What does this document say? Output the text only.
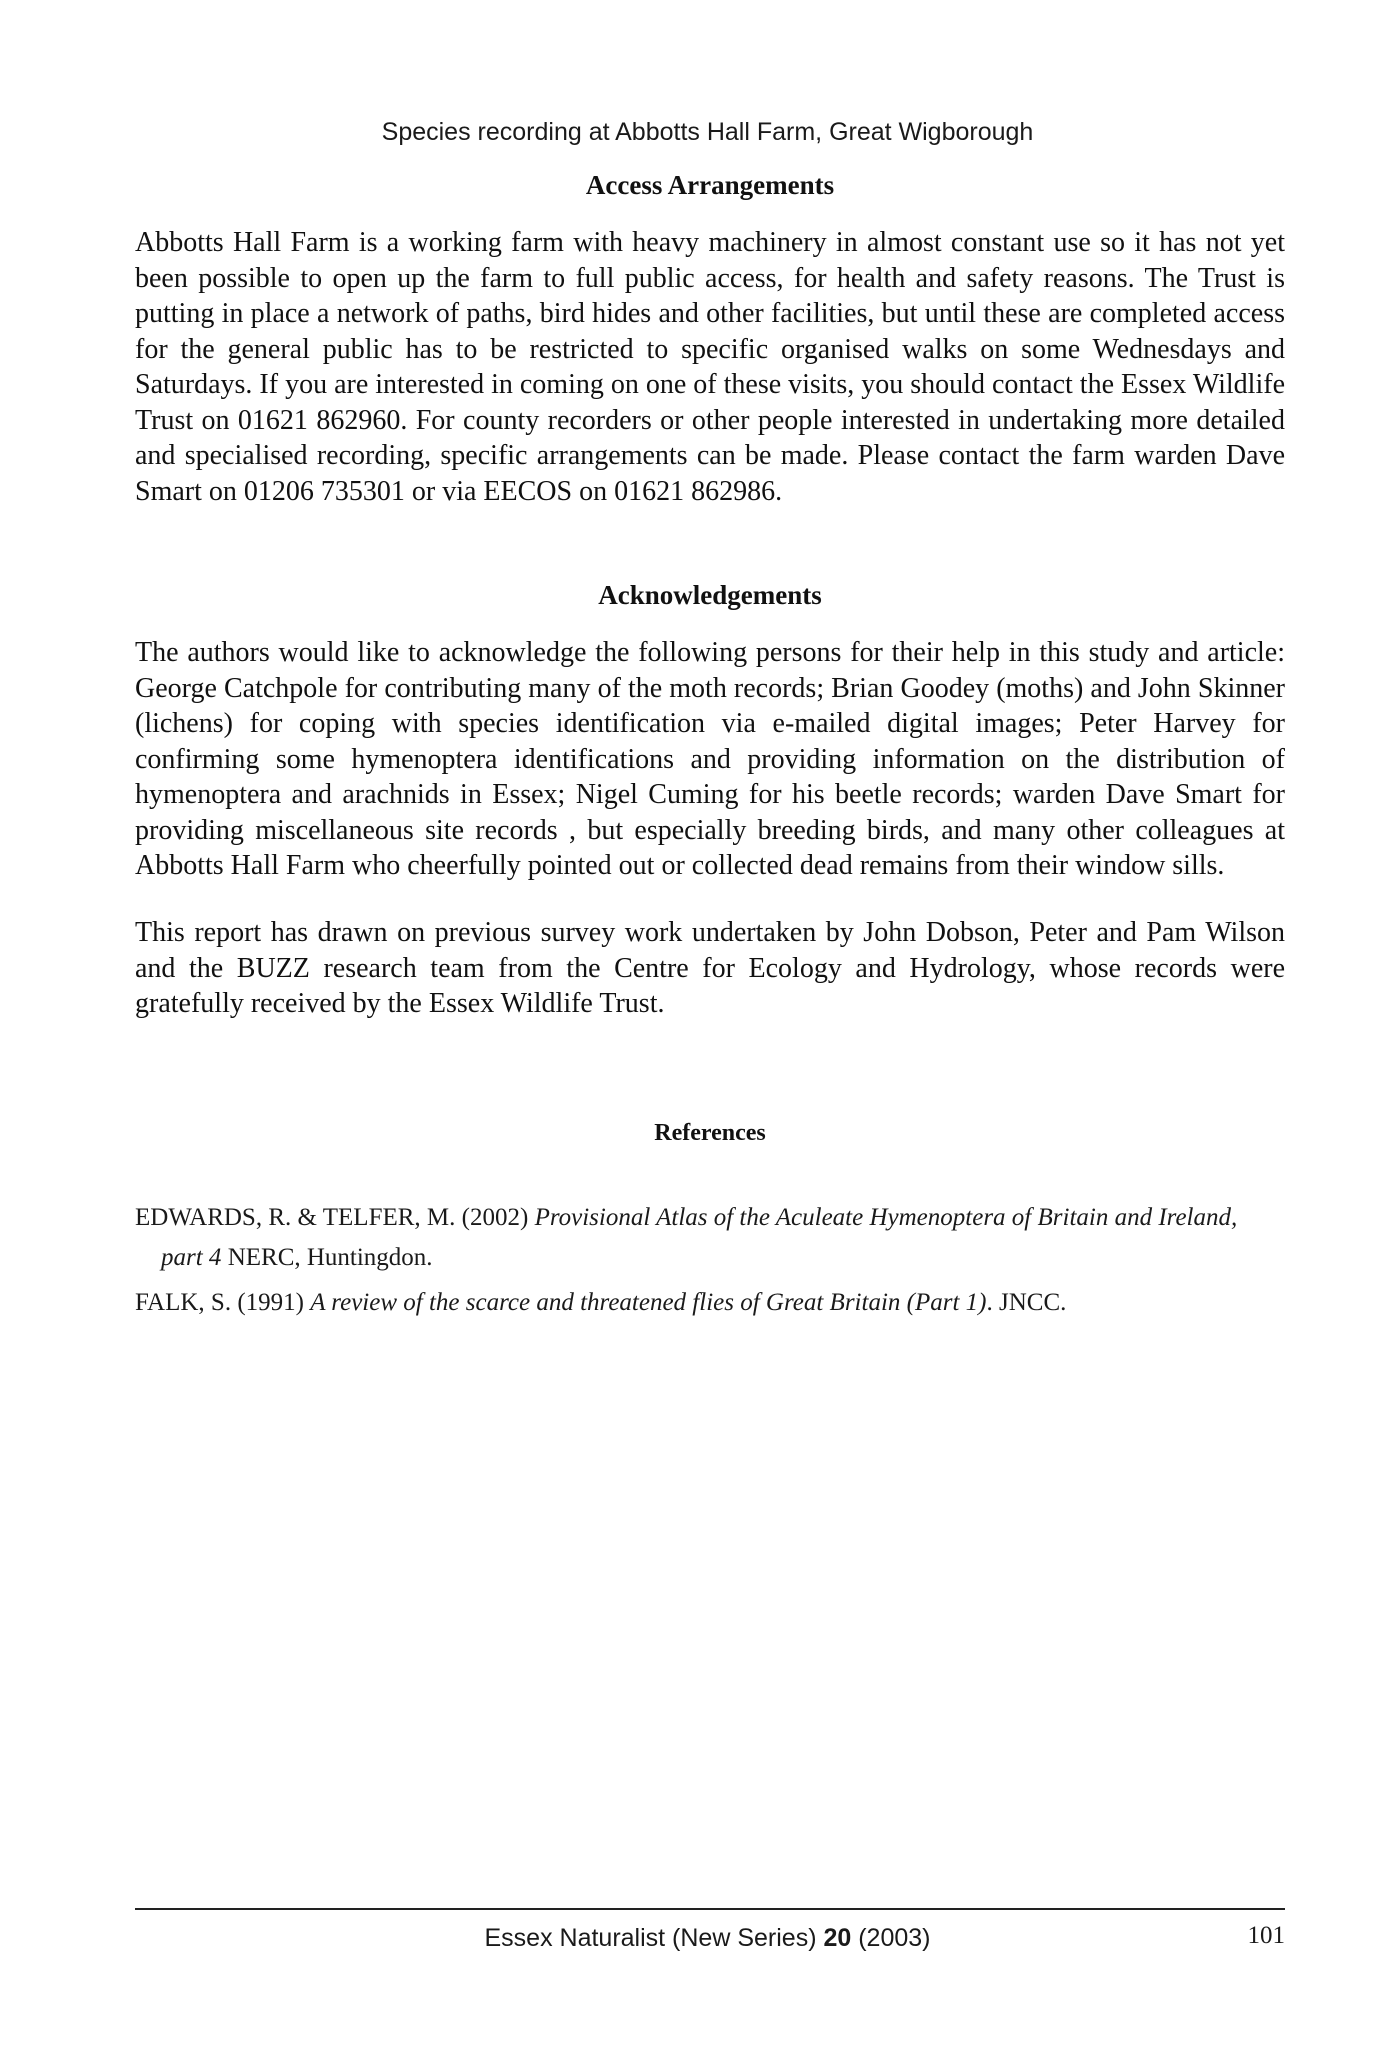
Species recording at Abbotts Hall Farm, Great Wigborough
Access Arrangements
Abbotts Hall Farm is a working farm with heavy machinery in almost constant use so it has not yet been possible to open up the farm to full public access, for health and safety reasons. The Trust is putting in place a network of paths, bird hides and other facilities, but until these are completed access for the general public has to be restricted to specific organised walks on some Wednesdays and Saturdays. If you are interested in coming on one of these visits, you should contact the Essex Wildlife Trust on 01621 862960. For county recorders or other people interested in undertaking more detailed and specialised recording, specific arrangements can be made. Please contact the farm warden Dave Smart on 01206 735301 or via EECOS on 01621 862986.
Acknowledgements
The authors would like to acknowledge the following persons for their help in this study and article: George Catchpole for contributing many of the moth records; Brian Goodey (moths) and John Skinner (lichens) for coping with species identification via e-mailed digital images; Peter Harvey for confirming some hymenoptera identifications and providing information on the distribution of hymenoptera and arachnids in Essex; Nigel Cuming for his beetle records; warden Dave Smart for providing miscellaneous site records , but especially breeding birds, and many other colleagues at Abbotts Hall Farm who cheerfully pointed out or collected dead remains from their window sills.
This report has drawn on previous survey work undertaken by John Dobson, Peter and Pam Wilson and the BUZZ research team from the Centre for Ecology and Hydrology, whose records were gratefully received by the Essex Wildlife Trust.
References
EDWARDS, R. & TELFER, M. (2002) Provisional Atlas of the Aculeate Hymenoptera of Britain and Ireland, part 4 NERC, Huntingdon.
FALK, S. (1991) A review of the scarce and threatened flies of Great Britain (Part 1). JNCC.
Essex Naturalist (New Series) 20 (2003)	101
